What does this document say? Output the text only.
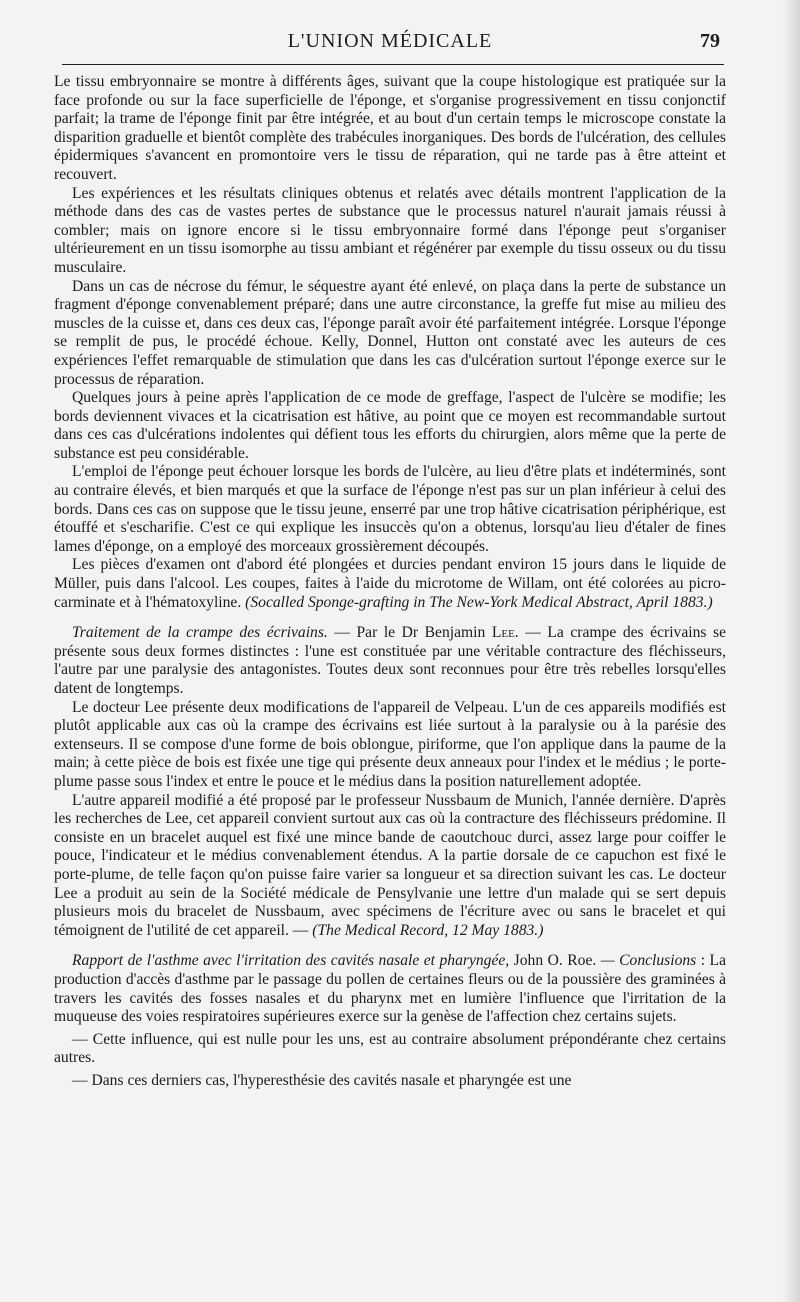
L'UNION MÉDICALE	79

Le tissu embryonnaire se montre à différents âges, suivant que la coupe histologique est pratiquée sur la face profonde ou sur la face superficielle de l'éponge, et s'organise progressivement en tissu conjonctif parfait; la trame de l'éponge finit par être intégrée, et au bout d'un certain temps le microscope constate la disparition graduelle et bientôt complète des trabécules inorganiques. Des bords de l'ulcération, des cellules épidermiques s'avancent en promontoire vers le tissu de réparation, qui ne tarde pas à être atteint et recouvert.

Les expériences et les résultats cliniques obtenus et relatés avec détails montrent l'application de la méthode dans des cas de vastes pertes de substance que le processus naturel n'aurait jamais réussi à combler; mais on ignore encore si le tissu embryonnaire formé dans l'éponge peut s'organiser ultérieurement en un tissu isomorphe au tissu ambiant et régénérer par exemple du tissu osseux ou du tissu musculaire.

Dans un cas de nécrose du fémur, le séquestre ayant été enlevé, on plaça dans la perte de substance un fragment d'éponge convenablement préparé; dans une autre circonstance, la greffe fut mise au milieu des muscles de la cuisse et, dans ces deux cas, l'éponge paraît avoir été parfaitement intégrée. Lorsque l'éponge se remplit de pus, le procédé échoue. Kelly, Donnel, Hutton ont constaté avec les auteurs de ces expériences l'effet remarquable de stimulation que dans les cas d'ulcération surtout l'éponge exerce sur le processus de réparation.

Quelques jours à peine après l'application de ce mode de greffage, l'aspect de l'ulcère se modifie; les bords deviennent vivaces et la cicatrisation est hâtive, au point que ce moyen est recommandable surtout dans ces cas d'ulcérations indolentes qui défient tous les efforts du chirurgien, alors même que la perte de substance est peu considérable.

L'emploi de l'éponge peut échouer lorsque les bords de l'ulcère, au lieu d'être plats et indéterminés, sont au contraire élevés, et bien marqués et que la surface de l'éponge n'est pas sur un plan inférieur à celui des bords. Dans ces cas on suppose que le tissu jeune, enserré par une trop hâtive cicatrisation périphérique, est étouffé et s'escharifie. C'est ce qui explique les insuccès qu'on a obtenus, lorsqu'au lieu d'étaler de fines lames d'éponge, on a employé des morceaux grossièrement découpés.

Les pièces d'examen ont d'abord été plongées et durcies pendant environ 15 jours dans le liquide de Müller, puis dans l'alcool. Les coupes, faites à l'aide du microtome de Willam, ont été colorées au picro-carminate et à l'hématoxyline. (Socalled Sponge-grafting in The New-York Medical Abstract, April 1883.)

Traitement de la crampe des écrivains. — Par le Dr Benjamin Lee. — La crampe des écrivains se présente sous deux formes distinctes : l'une est constituée par une véritable contracture des fléchisseurs, l'autre par une paralysie des antagonistes. Toutes deux sont reconnues pour être très rebelles lorsqu'elles datent de longtemps.

Le docteur Lee présente deux modifications de l'appareil de Velpeau. L'un de ces appareils modifiés est plutôt applicable aux cas où la crampe des écrivains est liée surtout à la paralysie ou à la parésie des extenseurs. Il se compose d'une forme de bois oblongue, piriforme, que l'on applique dans la paume de la main; à cette pièce de bois est fixée une tige qui présente deux anneaux pour l'index et le médius ; le porte-plume passe sous l'index et entre le pouce et le médius dans la position naturellement adoptée.

L'autre appareil modifié a été proposé par le professeur Nussbaum de Munich, l'année dernière. D'après les recherches de Lee, cet appareil convient surtout aux cas où la contracture des fléchisseurs prédomine. Il consiste en un bracelet auquel est fixé une mince bande de caoutchouc durci, assez large pour coiffer le pouce, l'indicateur et le médius convenablement étendus. A la partie dorsale de ce capuchon est fixé le porte-plume, de telle façon qu'on puisse faire varier sa longueur et sa direction suivant les cas. Le docteur Lee a produit au sein de la Société médicale de Pensylvanie une lettre d'un malade qui se sert depuis plusieurs mois du bracelet de Nussbaum, avec spécimens de l'écriture avec ou sans le bracelet et qui témoignent de l'utilité de cet appareil. — (The Medical Record, 12 May 1883.)

Rapport de l'asthme avec l'irritation des cavités nasale et pharyngée, John O. Roe. — Conclusions : La production d'accès d'asthme par le passage du pollen de certaines fleurs ou de la poussière des graminées à travers les cavités des fosses nasales et du pharynx met en lumière l'influence que l'irritation de la muqueuse des voies respiratoires supérieures exerce sur la genèse de l'affection chez certains sujets.

— Cette influence, qui est nulle pour les uns, est au contraire absolument prépondérante chez certains autres.

— Dans ces derniers cas, l'hyperesthésie des cavités nasale et pharyngée est une
